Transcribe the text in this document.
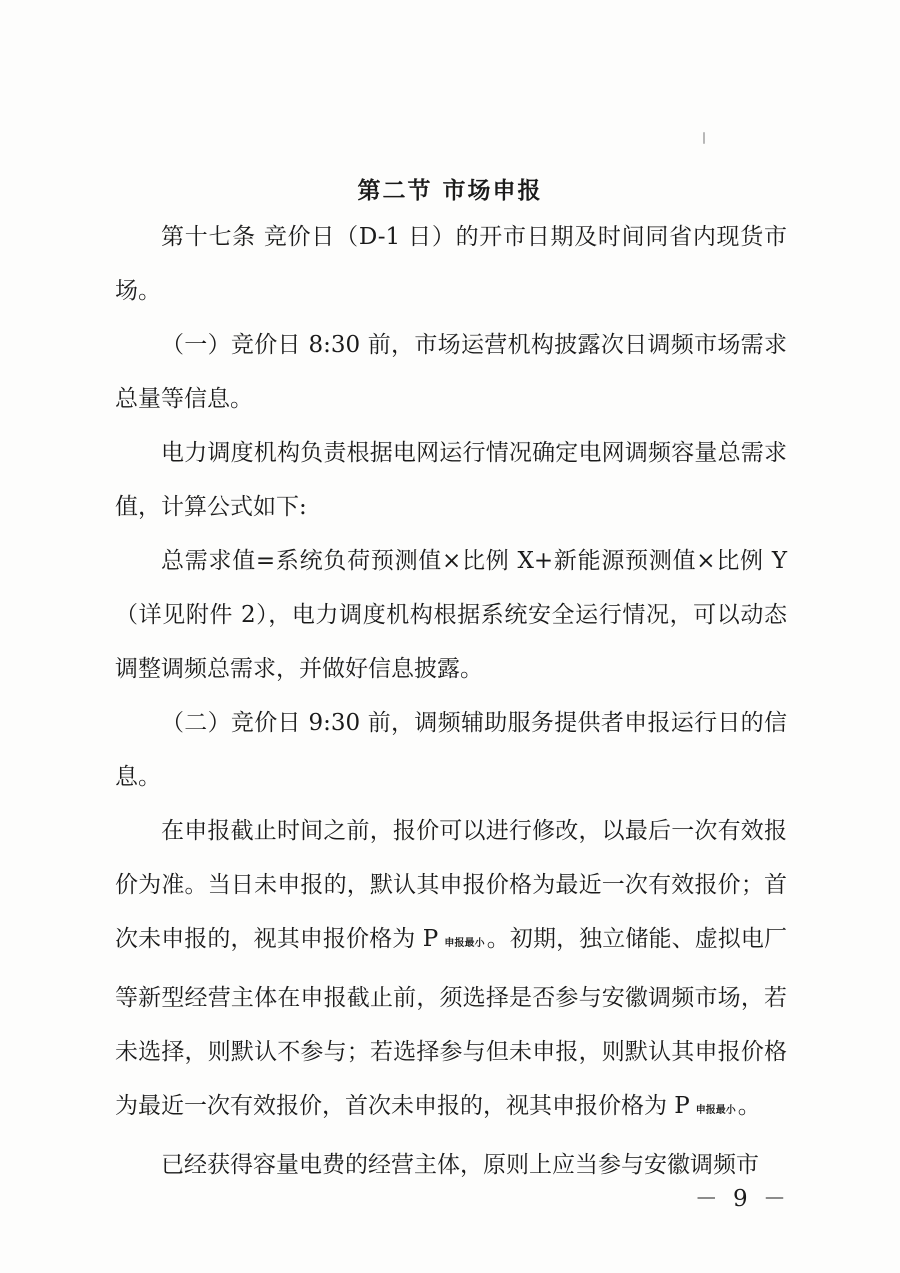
第二节 市场申报

第十七条 竞价日（D-1 日）的开市日期及时间同省内现货市场。

（一）竞价日 8:30 前，市场运营机构披露次日调频市场需求总量等信息。

电力调度机构负责根据电网运行情况确定电网调频容量总需求值，计算公式如下:

总需求值=系统负荷预测值×比例 X+新能源预测值×比例 Y（详见附件 2），电力调度机构根据系统安全运行情况，可以动态调整调频总需求，并做好信息披露。

（二）竞价日 9:30 前，调频辅助服务提供者申报运行日的信息。

在申报截止时间之前，报价可以进行修改，以最后一次有效报价为准。当日未申报的，默认其申报价格为最近一次有效报价；首次未申报的，视其申报价格为 P 申报最小。初期，独立储能、虚拟电厂等新型经营主体在申报截止前，须选择是否参与安徽调频市场，若未选择，则默认不参与；若选择参与但未申报，则默认其申报价格为最近一次有效报价，首次未申报的，视其申报价格为 P 申报最小。

已经获得容量电费的经营主体，原则上应当参与安徽调频市

－ 9 －
